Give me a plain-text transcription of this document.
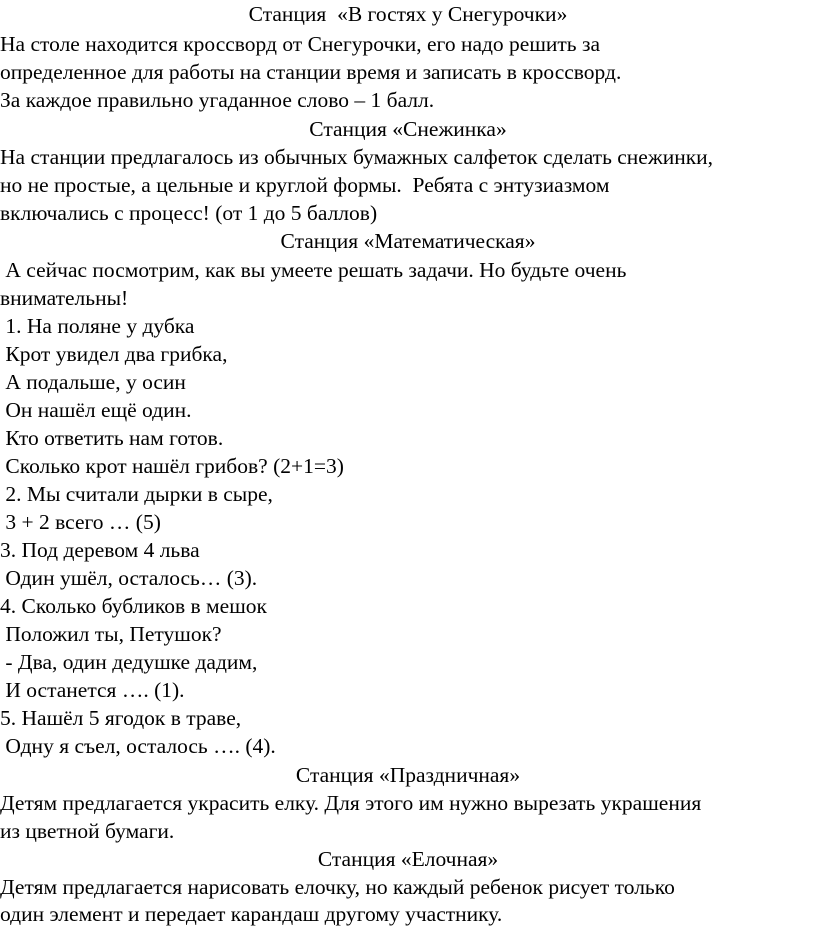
Станция  «В гостях у Снегурочки»
На столе находится кроссворд от Снегурочки, его надо решить за
определенное для работы на станции время и записать в кроссворд.
За каждое правильно угаданное слово – 1 балл.
Станция «Снежинка»
На станции предлагалось из обычных бумажных салфеток сделать снежинки,
но не простые, а цельные и круглой формы.  Ребята с энтузиазмом
включались с процесс! (от 1 до 5 баллов)
Станция «Математическая»
А сейчас посмотрим, как вы умеете решать задачи. Но будьте очень
внимательны!
1. На поляне у дубка
Крот увидел два грибка,
А подальше, у осин
Он нашёл ещё один.
Кто ответить нам готов.
Сколько крот нашёл грибов? (2+1=3)
2. Мы считали дырки в сыре,
3 + 2 всего … (5)
3. Под деревом 4 льва
Один ушёл, осталось… (3).
4. Сколько бубликов в мешок
Положил ты, Петушок?
- Два, один дедушке дадим,
И останется …. (1).
5. Нашёл 5 ягодок в траве,
Одну я съел, осталось …. (4).
Станция «Праздничная»
Детям предлагается украсить елку. Для этого им нужно вырезать украшения
из цветной бумаги.
Станция «Елочная»
Детям предлагается нарисовать елочку, но каждый ребенок рисует только
один элемент и передает карандаш другому участнику.
